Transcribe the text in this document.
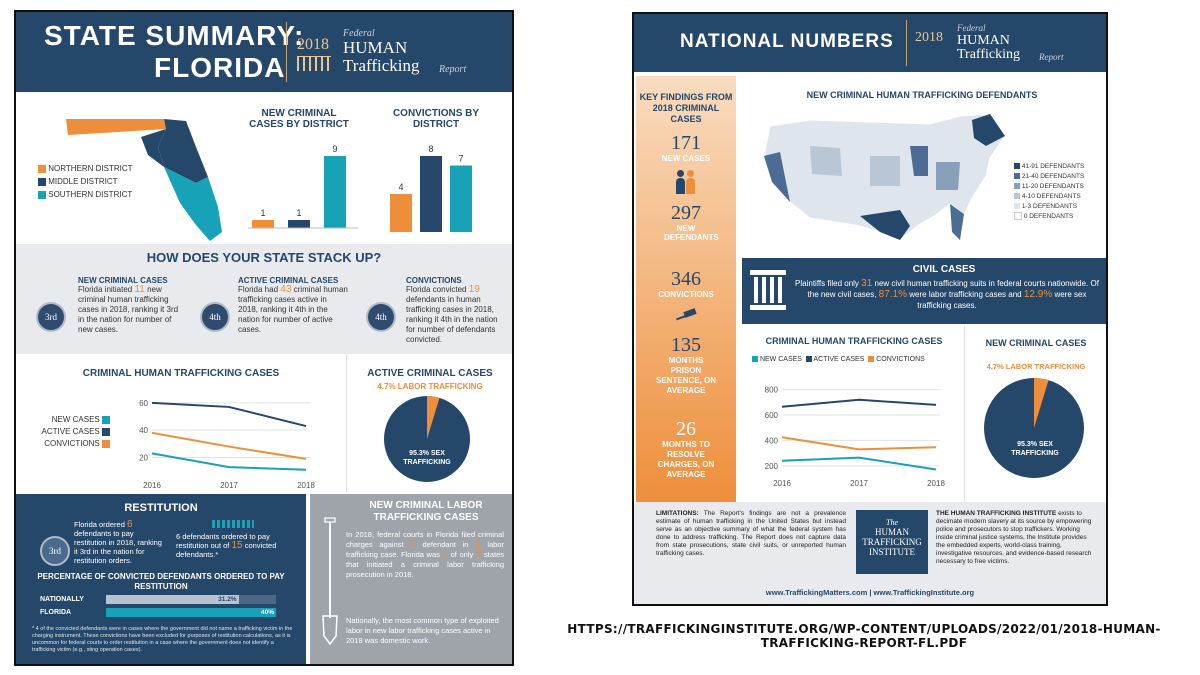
STATE SUMMARY:
FLORIDA
2018
Federal
HUMAN
Trafficking Report
NORTHERN DISTRICT
MIDDLE DISTRICT
SOUTHERN DISTRICT
NEW CRIMINAL CASES BY DISTRICT
1	1
9
CONVICTIONS BY DISTRICT
4
8
7
HOW DOES YOUR STATE STACK UP?
3rd
NEW CRIMINAL CASES
Florida initiated 11 new criminal human trafficking cases in 2018, ranking it 3rd in the nation for number of new cases.
4th
ACTIVE CRIMINAL CASES
Florida had 43 criminal human trafficking cases active in 2018, ranking it 4th in the nation for number of active cases.
4th
CONVICTIONS
Florida convicted 19 defendants in human trafficking cases in 2018, ranking it 4th in the nation for number of defendants convicted.
CRIMINAL HUMAN TRAFFICKING CASES
NEW CASES
ACTIVE CASES
CONVICTIONS
60
40
20
2016	2017	2018
ACTIVE CRIMINAL CASES
4.7% LABOR TRAFFICKING
95.3% SEX TRAFFICKING
RESTITUTION
3rd
Florida ordered 6 defendants to pay restitution in 2018, ranking it 3rd in the nation for restitution orders.
6 defendants ordered to pay restitution out of 15 convicted defendants.*
PERCENTAGE OF CONVICTED DEFENDANTS ORDERED TO PAY RESTITUTION
NATIONALLY	31.2%
FLORIDA	40%
* 4 of the convicted defendants were in cases where the government did not name a trafficking victim in the charging instrument. These convictions have been excluded for purposes of restitution calculations, as it is uncommon for federal courts to order restitution in a case where the government does not identify a trafficking victim (e.g., sting operation cases).
NEW CRIMINAL LABOR TRAFFICKING CASES
In 2018, federal courts in Florida filed criminal charges against 1 defendant in 1 labor trafficking case. Florida was 1 of only 7 states that initiated a criminal labor trafficking prosecution in 2018.
Nationally, the most common type of exploited labor in new labor trafficking cases active in 2018 was domestic work.
NATIONAL NUMBERS 2018
Federal
HUMAN
Trafficking Report
KEY FINDINGS FROM 2018 CRIMINAL CASES
171
NEW CASES
297
NEW DEFENDANTS
346
CONVICTIONS
135
MONTHS PRISON SENTENCE, ON AVERAGE
26
MONTHS TO RESOLVE CHARGES, ON AVERAGE
NEW CRIMINAL HUMAN TRAFFICKING DEFENDANTS
41-91 DEFENDANTS
21-40 DEFENDANTS
11-20 DEFENDANTS
4-10 DEFENDANTS
1-3 DEFENDANTS
0 DEFENDANTS
CIVIL CASES
Plaintiffs filed only 31 new civil human trafficking suits in federal courts nationwide. Of the new civil cases, 87.1% were labor trafficking cases and 12.9% were sex trafficking cases.
CRIMINAL HUMAN TRAFFICKING CASES
NEW CASES ACTIVE CASES CONVICTIONS
800
600
400
200
2016	2017	2018
NEW CRIMINAL CASES
4.7% LABOR TRAFFICKING
95.3% SEX TRAFFICKING
LIMITATIONS: The Report's findings are not a prevalence estimate of human trafficking in the United States but instead serve as an objective summary of what the federal system has done to address trafficking. The Report does not capture data from state prosecutions, state civil suits, or unreported human trafficking cases.
The
HUMAN
TRAFFICKING
INSTITUTE
THE HUMAN TRAFFICKING INSTITUTE exists to decimate modern slavery at its source by empowering police and prosecutors to stop traffickers. Working inside criminal justice systems, the Institute provides the embedded experts, world-class training, investigative resources, and evidence-based research necessary to free victims.
www.TraffickingMatters.com | www.TraffickingInstitute.org
HTTPS://TRAFFICKINGINSTITUTE.ORG/WP-CONTENT/UPLOADS/2022/01/2018-HUMAN-TRAFFICKING-REPORT-FL.PDF
